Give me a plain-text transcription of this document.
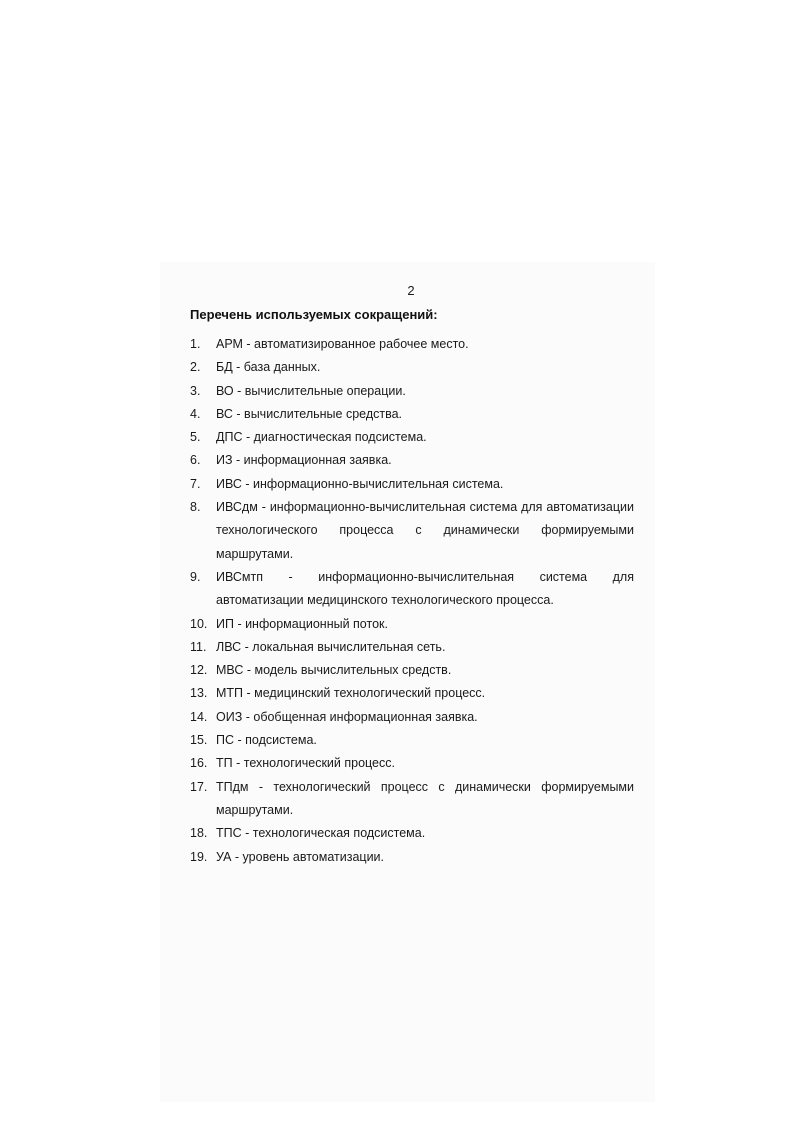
2

Перечень используемых сокращений:

1.	АРМ - автоматизированное рабочее место.
2.	БД - база данных.
3.	ВО - вычислительные операции.
4.	ВС - вычислительные средства.
5.	ДПС - диагностическая подсистема.
6.	ИЗ - информационная заявка.
7.	ИВС - информационно-вычислительная система.
8.	ИВСдм - информационно-вычислительная система для автоматизации технологического процесса с динамически формируемыми маршрутами.
9.	ИВСмтп - информационно-вычислительная система для автоматизации медицинского технологического процесса.
10. ИП - информационный поток.
11. ЛВС - локальная вычислительная сеть.
12. МВС - модель вычислительных средств.
13. МТП - медицинский технологический процесс.
14. ОИЗ - обобщенная информационная заявка.
15. ПС - подсистема.
16. ТП - технологический процесс.
17. ТПдм - технологический процесс с динамически формируемыми маршрутами.
18. ТПС - технологическая подсистема.
19. УА - уровень автоматизации.
